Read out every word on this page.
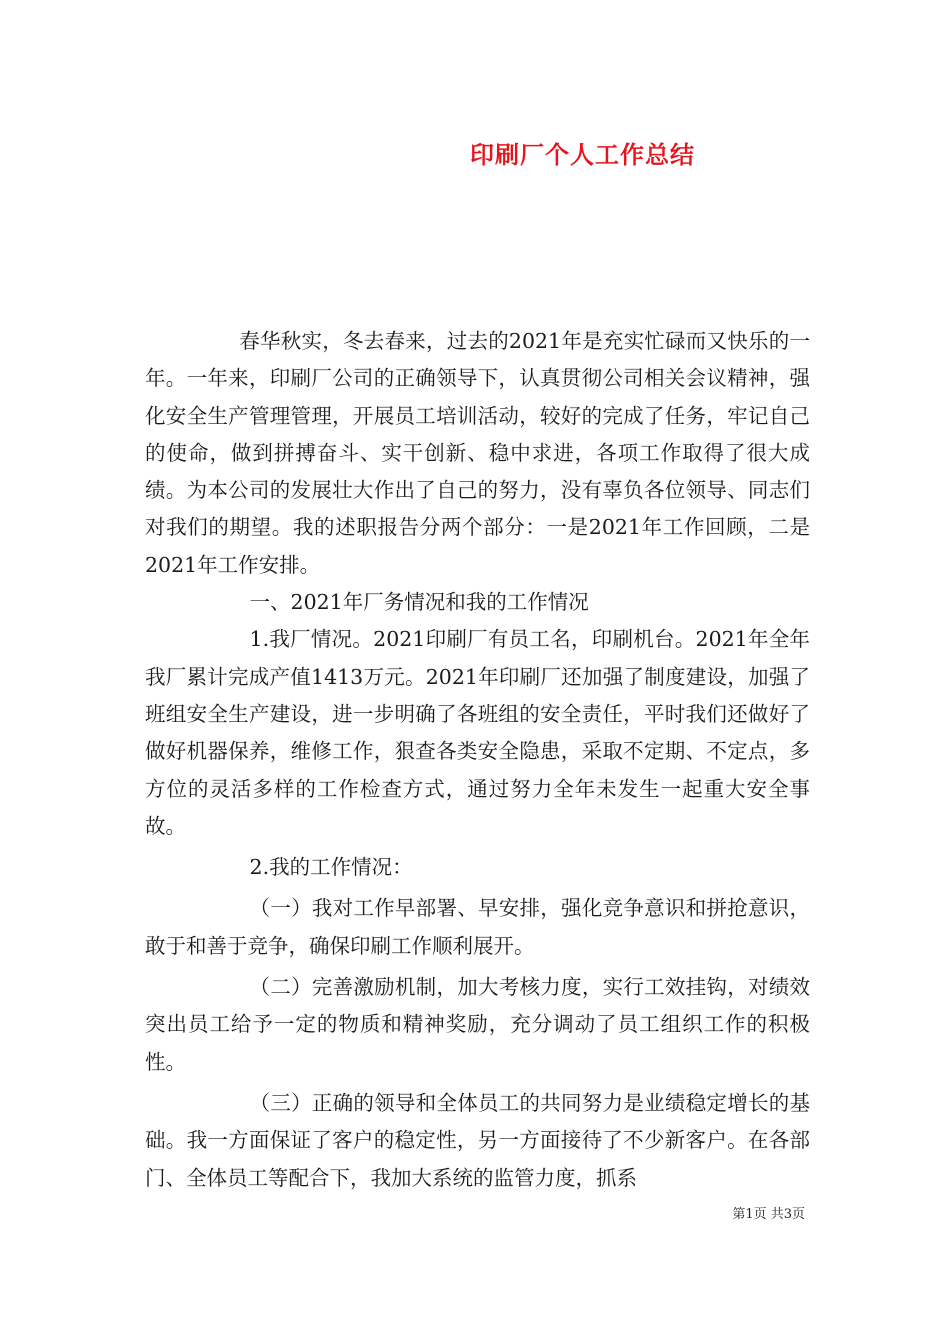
印刷厂个人工作总结

春华秋实，冬去春来，过去的2021年是充实忙碌而又快乐的一年。一年来，印刷厂公司的正确领导下，认真贯彻公司相关会议精神，强化安全生产管理管理，开展员工培训活动，较好的完成了任务，牢记自己的使命，做到拼搏奋斗、实干创新、稳中求进，各项工作取得了很大成绩。为本公司的发展壮大作出了自己的努力，没有辜负各位领导、同志们对我们的期望。我的述职报告分两个部分：一是2021年工作回顾，二是2021年工作安排。

一、2021年厂务情况和我的工作情况

1.我厂情况。2021印刷厂有员工名，印刷机台。2021年全年我厂累计完成产值1413万元。2021年印刷厂还加强了制度建设，加强了班组安全生产建设，进一步明确了各班组的安全责任，平时我们还做好了做好机器保养，维修工作，狠查各类安全隐患，采取不定期、不定点，多方位的灵活多样的工作检查方式，通过努力全年未发生一起重大安全事故。

2.我的工作情况：

（一）我对工作早部署、早安排，强化竞争意识和拼抢意识，敢于和善于竞争，确保印刷工作顺利展开。

（二）完善激励机制，加大考核力度，实行工效挂钩，对绩效突出员工给予一定的物质和精神奖励，充分调动了员工组织工作的积极性。

（三）正确的领导和全体员工的共同努力是业绩稳定增长的基础。我一方面保证了客户的稳定性，另一方面接待了不少新客户。在各部门、全体员工等配合下，我加大系统的监管力度，抓系

第1页 共3页
